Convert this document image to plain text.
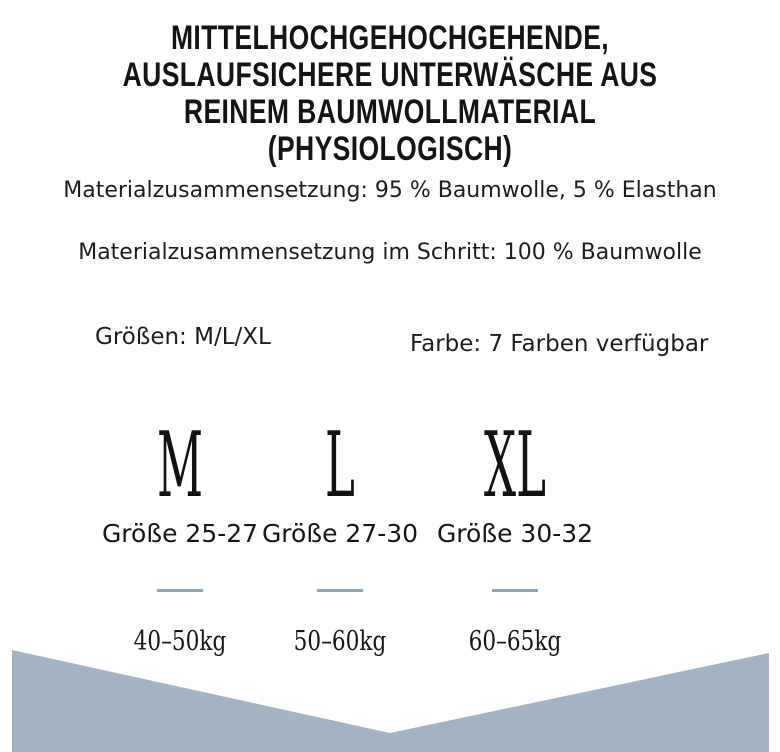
MITTELHOCHGEHOCHGEHENDE,
AUSLAUFSICHERE UNTERWÄSCHE AUS
REINEM BAUMWOLLMATERIAL
(PHYSIOLOGISCH)
Materialzusammensetzung: 95 % Baumwolle, 5 % Elasthan
Materialzusammensetzung im Schritt: 100 % Baumwolle
Größen: M/L/XL	Farbe: 7 Farben verfügbar
M
Größe 25-27
40–50kg
L
Größe 27-30
50–60kg
XL
Größe 30-32
60–65kg
